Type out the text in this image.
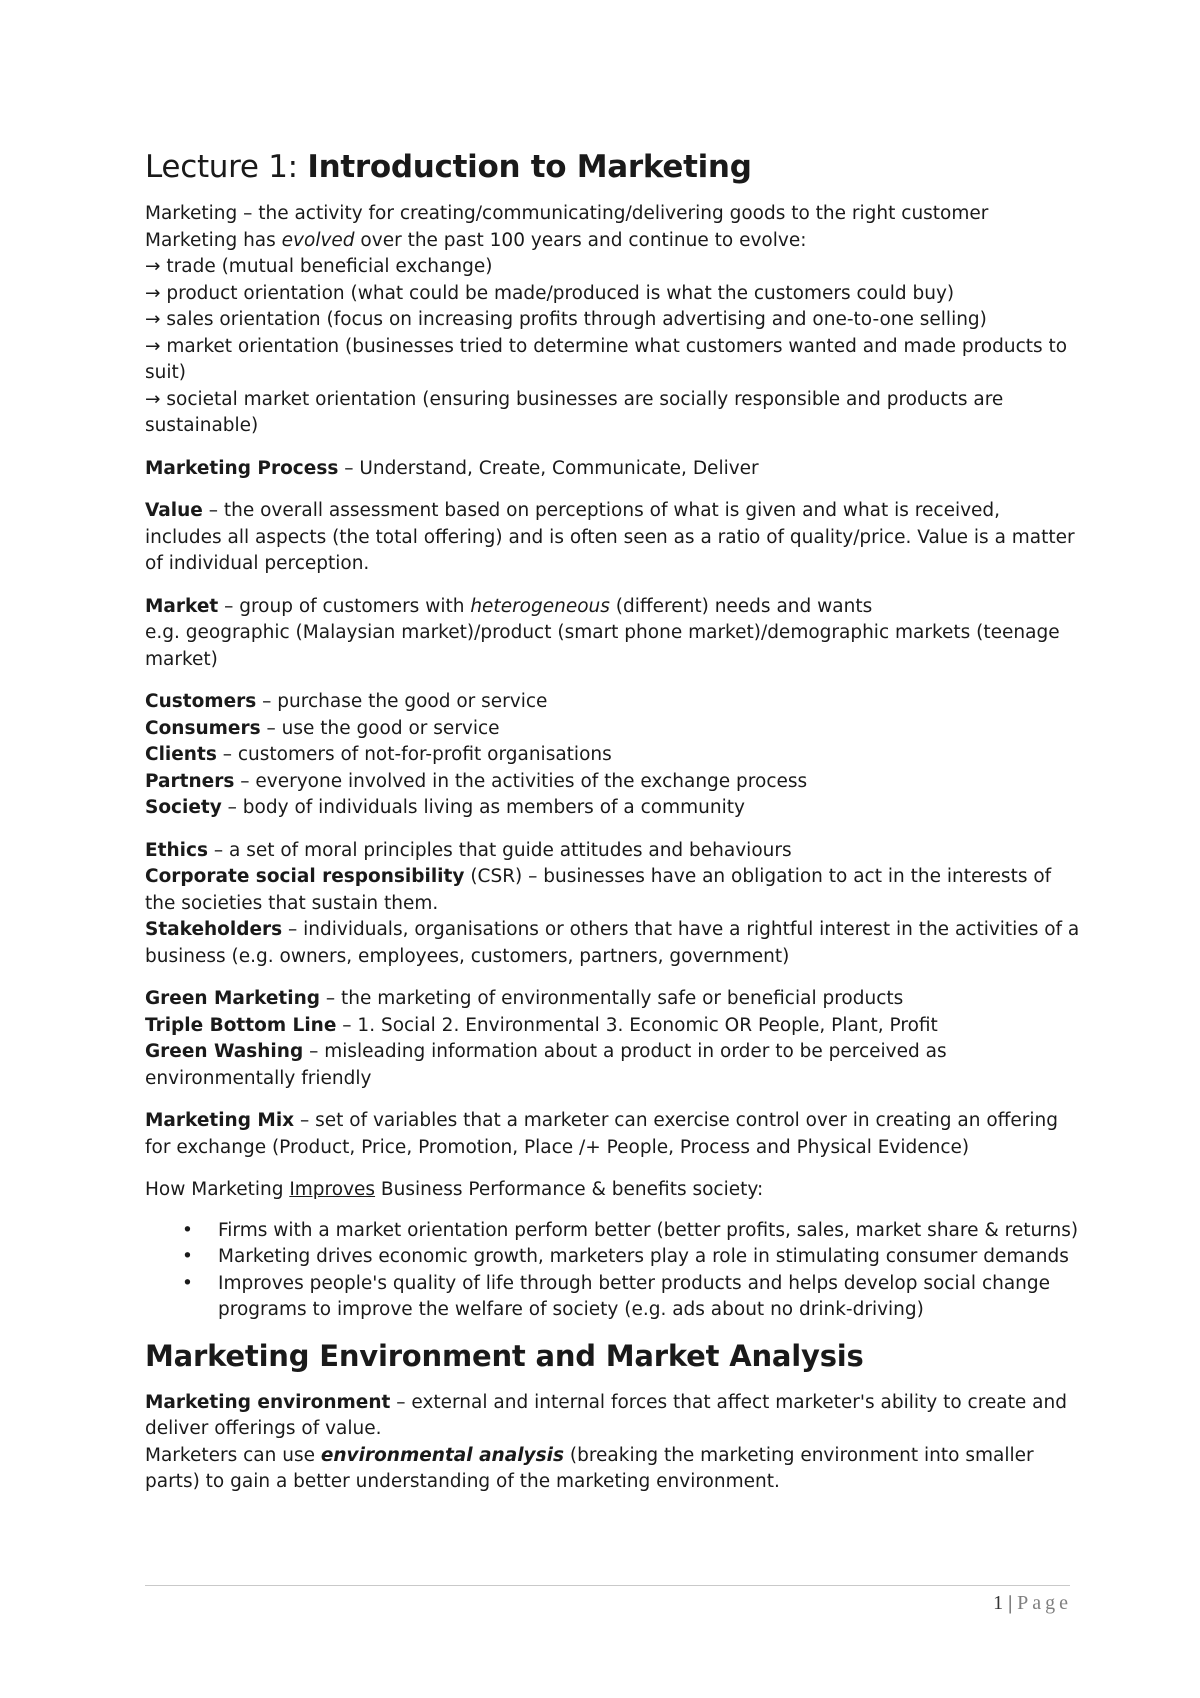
Lecture 1: Introduction to Marketing

Marketing – the activity for creating/communicating/delivering goods to the right customer

Marketing has evolved over the past 100 years and continue to evolve:

→ trade (mutual beneficial exchange)

→ product orientation (what could be made/produced is what the customers could buy)

→ sales orientation (focus on increasing profits through advertising and one-to-one selling)

→ market orientation (businesses tried to determine what customers wanted and made products to suit)

→ societal market orientation (ensuring businesses are socially responsible and products are sustainable)

Marketing Process – Understand, Create, Communicate, Deliver

Value – the overall assessment based on perceptions of what is given and what is received, includes all aspects (the total offering) and is often seen as a ratio of quality/price. Value is a matter of individual perception.

Market – group of customers with heterogeneous (different) needs and wants

e.g. geographic (Malaysian market)/product (smart phone market)/demographic markets (teenage market)

Customers – purchase the good or service

Consumers – use the good or service

Clients – customers of not-for-profit organisations

Partners – everyone involved in the activities of the exchange process

Society – body of individuals living as members of a community

Ethics – a set of moral principles that guide attitudes and behaviours

Corporate social responsibility (CSR) – businesses have an obligation to act in the interests of the societies that sustain them.

Stakeholders – individuals, organisations or others that have a rightful interest in the activities of a business (e.g. owners, employees, customers, partners, government)

Green Marketing – the marketing of environmentally safe or beneficial products

Triple Bottom Line – 1. Social 2. Environmental 3. Economic OR People, Plant, Profit

Green Washing – misleading information about a product in order to be perceived as environmentally friendly

Marketing Mix – set of variables that a marketer can exercise control over in creating an offering for exchange (Product, Price, Promotion, Place /+ People, Process and Physical Evidence)

How Marketing Improves Business Performance & benefits society:

• Firms with a market orientation perform better (better profits, sales, market share & returns)
• Marketing drives economic growth, marketers play a role in stimulating consumer demands
• Improves people's quality of life through better products and helps develop social change programs to improve the welfare of society (e.g. ads about no drink-driving)
Marketing Environment and Market Analysis

Marketing environment – external and internal forces that affect marketer's ability to create and deliver offerings of value.

Marketers can use environmental analysis (breaking the marketing environment into smaller parts) to gain a better understanding of the marketing environment.

1 | Page
